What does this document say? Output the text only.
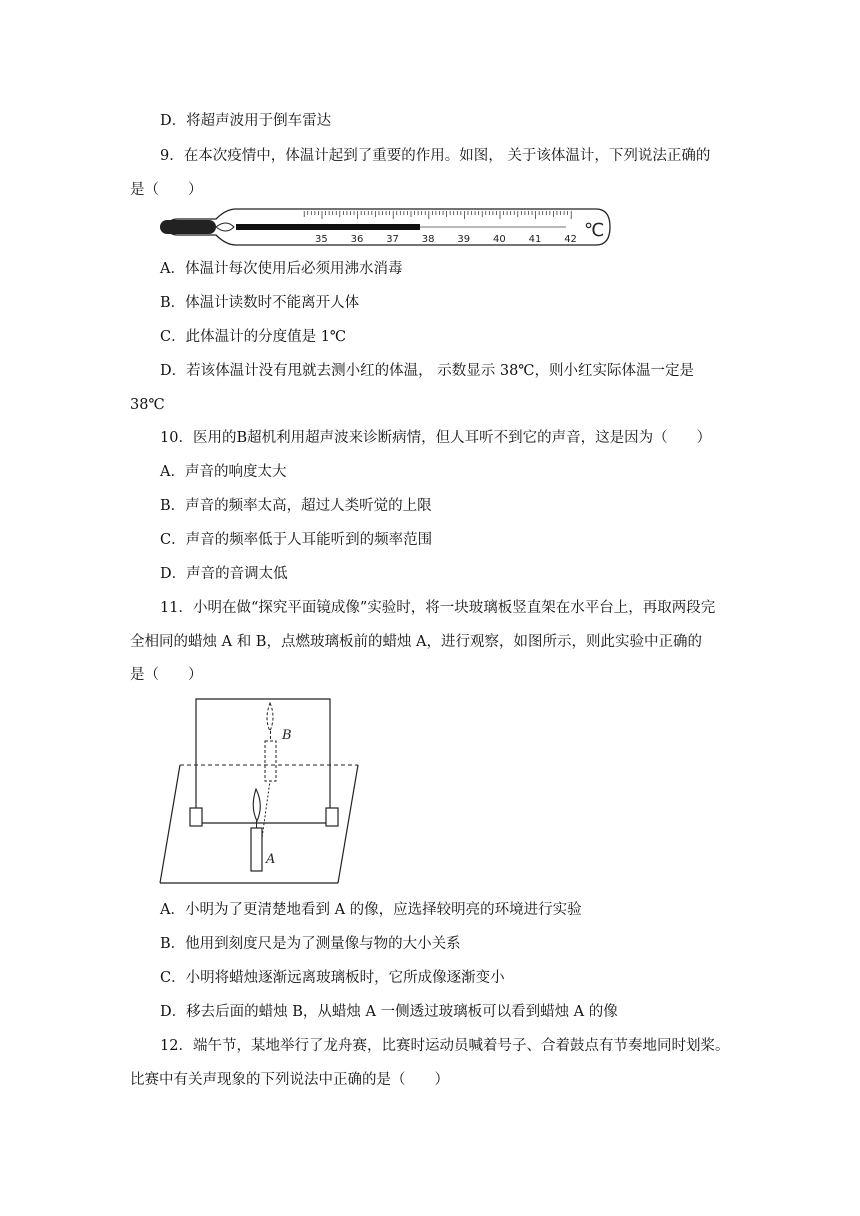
D．将超声波用于倒车雷达
9．在本次疫情中，体温计起到了重要的作用。如图， 关于该体温计，下列说法正确的
是（　　）
35 36 37 38 39 40 41 42 ℃
A．体温计每次使用后必须用沸水消毒
B．体温计读数时不能离开人体
C．此体温计的分度值是 1℃
D．若该体温计没有甩就去测小红的体温， 示数显示 38℃，则小红实际体温一定是
38℃
10．医用的B超机利用超声波来诊断病情，但人耳听不到它的声音，这是因为（　　）
A．声音的响度太大
B．声音的频率太高，超过人类听觉的上限
C．声音的频率低于人耳能听到的频率范围
D．声音的音调太低
11．小明在做“探究平面镜成像”实验时，将一块玻璃板竖直架在水平台上，再取两段完
全相同的蜡烛 A 和 B，点燃玻璃板前的蜡烛 A，进行观察，如图所示，则此实验中正确的
是（　　）
B
A
A．小明为了更清楚地看到 A 的像，应选择较明亮的环境进行实验
B．他用到刻度尺是为了测量像与物的大小关系
C．小明将蜡烛逐渐远离玻璃板时，它所成像逐渐变小
D．移去后面的蜡烛 B，从蜡烛 A 一侧透过玻璃板可以看到蜡烛 A 的像
12．端午节，某地举行了龙舟赛，比赛时运动员喊着号子、合着鼓点有节奏地同时划桨。
比赛中有关声现象的下列说法中正确的是（　　）
